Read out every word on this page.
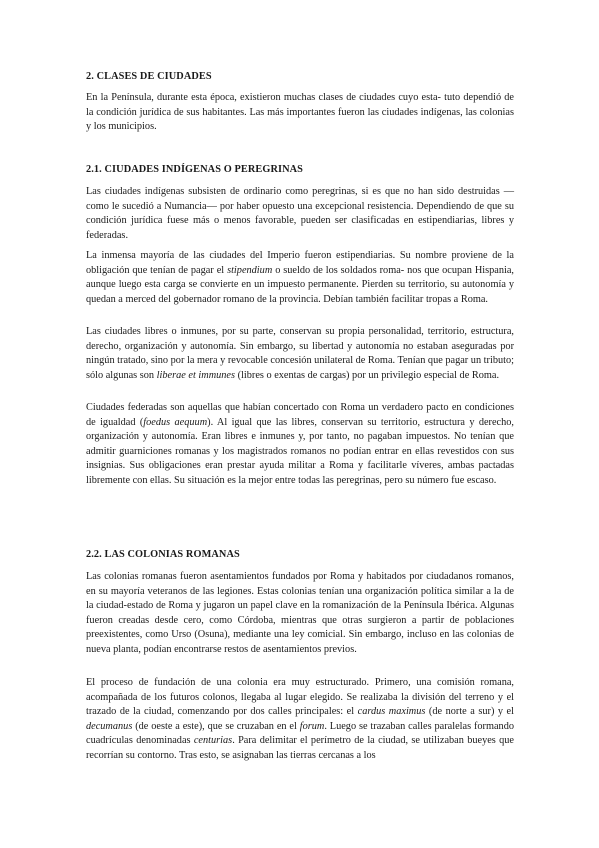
2. CLASES DE CIUDADES

En la Península, durante esta época, existieron muchas clases de ciudades cuyo esta- tuto dependió de la condición jurídica de sus habitantes. Las más importantes fueron las ciudades indígenas, las colonias y los municipios.

2.1. CIUDADES INDÍGENAS O PEREGRINAS

Las ciudades indígenas subsisten de ordinario como peregrinas, si es que no han sido destruidas —como le sucedió a Numancia— por haber opuesto una excepcional resistencia. Dependiendo de que su condición jurídica fuese más o menos favorable, pueden ser clasificadas en estipendiarias, libres y federadas.

La inmensa mayoría de las ciudades del Imperio fueron estipendiarias. Su nombre proviene de la obligación que tenían de pagar el stipendium o sueldo de los soldados roma- nos que ocupan Hispania, aunque luego esta carga se convierte en un impuesto permanente. Pierden su territorio, su autonomía y quedan a merced del gobernador romano de la provincia. Debían también facilitar tropas a Roma.

Las ciudades libres o inmunes, por su parte, conservan su propia personalidad, territorio, estructura, derecho, organización y autonomía. Sin embargo, su libertad y autonomía no estaban aseguradas por ningún tratado, sino por la mera y revocable concesión unilateral de Roma. Tenían que pagar un tributo; sólo algunas son liberae et immunes (libres o exentas de cargas) por un privilegio especial de Roma.

Ciudades federadas son aquellas que habían concertado con Roma un verdadero pacto en condiciones de igualdad (foedus aequum). Al igual que las libres, conservan su territorio, estructura y derecho, organización y autonomía. Eran libres e inmunes y, por tanto, no pagaban impuestos. No tenían que admitir guarniciones romanas y los magistrados romanos no podían entrar en ellas revestidos con sus insignias. Sus obligaciones eran prestar ayuda militar a Roma y facilitarle víveres, ambas pactadas libremente con ellas. Su situación es la mejor entre todas las peregrinas, pero su número fue escaso.

2.2. LAS COLONIAS ROMANAS

Las colonias romanas fueron asentamientos fundados por Roma y habitados por ciudadanos romanos, en su mayoría veteranos de las legiones. Estas colonias tenían una organización política similar a la de la ciudad-estado de Roma y jugaron un papel clave en la romanización de la Península Ibérica. Algunas fueron creadas desde cero, como Córdoba, mientras que otras surgieron a partir de poblaciones preexistentes, como Urso (Osuna), mediante una ley comicial. Sin embargo, incluso en las colonias de nueva planta, podían encontrarse restos de asentamientos previos.

El proceso de fundación de una colonia era muy estructurado. Primero, una comisión romana, acompañada de los futuros colonos, llegaba al lugar elegido. Se realizaba la división del terreno y el trazado de la ciudad, comenzando por dos calles principales: el cardus maximus (de norte a sur) y el decumanus (de oeste a este), que se cruzaban en el forum. Luego se trazaban calles paralelas formando cuadrículas denominadas centurias. Para delimitar el perímetro de la ciudad, se utilizaban bueyes que recorrían su contorno. Tras esto, se asignaban las tierras cercanas a los
